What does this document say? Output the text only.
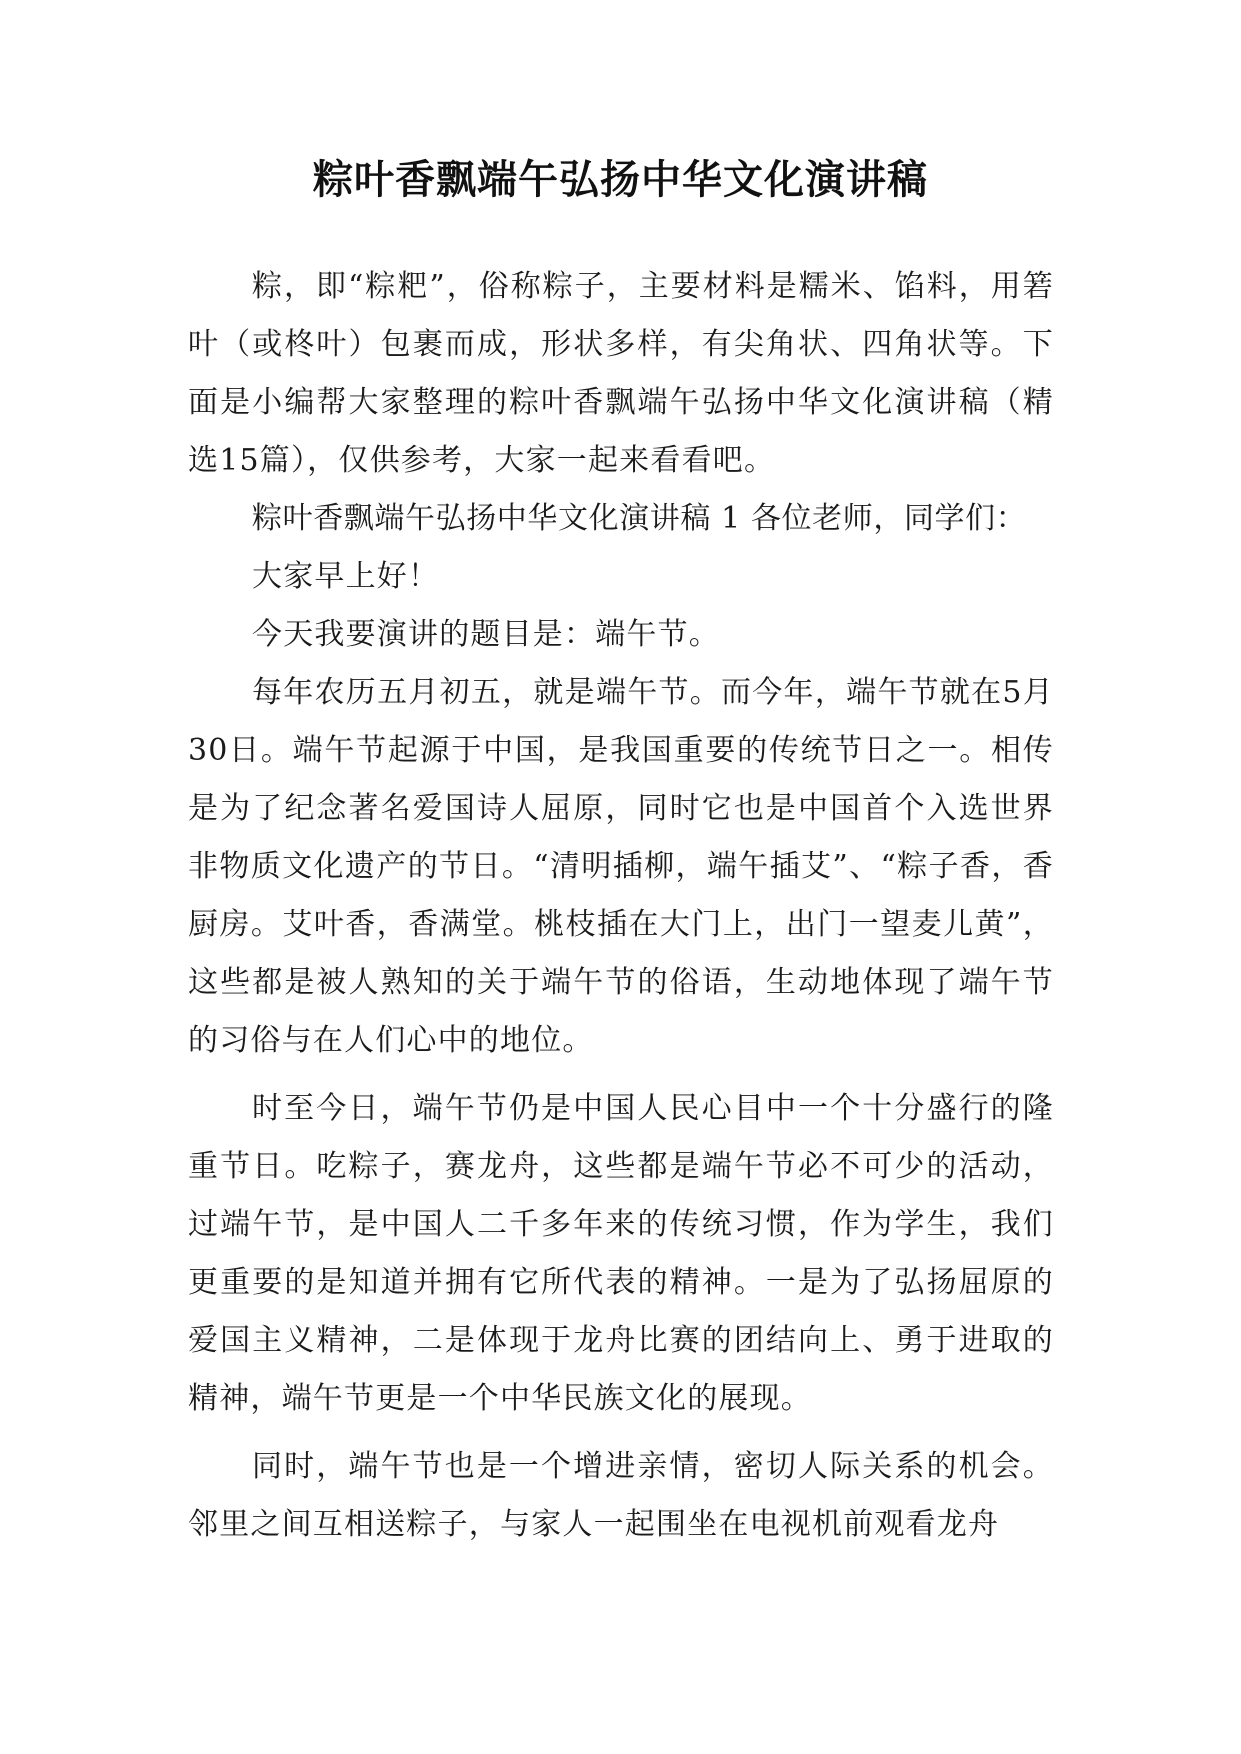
粽叶香飘端午弘扬中华文化演讲稿

粽，即“粽粑”，俗称粽子，主要材料是糯米、馅料，用箬叶（或柊叶）包裹而成，形状多样，有尖角状、四角状等。下面是小编帮大家整理的粽叶香飘端午弘扬中华文化演讲稿（精选15篇），仅供参考，大家一起来看看吧。

粽叶香飘端午弘扬中华文化演讲稿 1 各位老师，同学们：

大家早上好！

今天我要演讲的题目是：端午节。

每年农历五月初五，就是端午节。而今年，端午节就在5月30日。端午节起源于中国，是我国重要的传统节日之一。相传是为了纪念著名爱国诗人屈原，同时它也是中国首个入选世界非物质文化遗产的节日。“清明插柳，端午插艾”、“粽子香，香厨房。艾叶香，香满堂。桃枝插在大门上，出门一望麦儿黄”，这些都是被人熟知的关于端午节的俗语，生动地体现了端午节的习俗与在人们心中的地位。

时至今日，端午节仍是中国人民心目中一个十分盛行的隆重节日。吃粽子，赛龙舟，这些都是端午节必不可少的活动，过端午节，是中国人二千多年来的传统习惯，作为学生，我们更重要的是知道并拥有它所代表的精神。一是为了弘扬屈原的爱国主义精神，二是体现于龙舟比赛的团结向上、勇于进取的精神，端午节更是一个中华民族文化的展现。

同时，端午节也是一个增进亲情，密切人际关系的机会。邻里之间互相送粽子，与家人一起围坐在电视机前观看龙舟
